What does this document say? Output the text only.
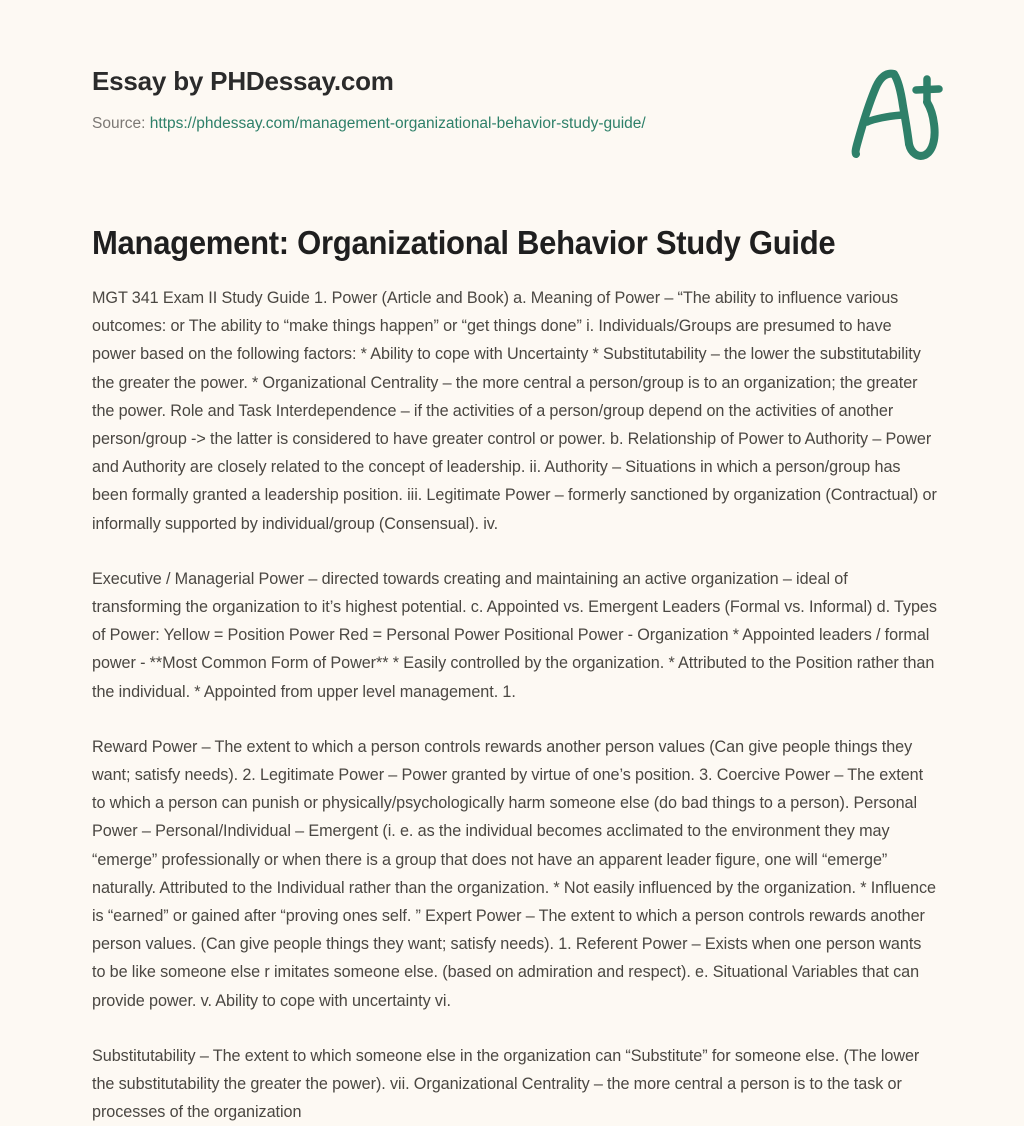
Essay by PHDessay.com
Source: https://phdessay.com/management-organizational-behavior-study-guide/
Management: Organizational Behavior Study Guide

MGT 341 Exam II Study Guide 1. Power (Article and Book) a. Meaning of Power – “The ability to influence various outcomes: or The ability to “make things happen” or “get things done” i. Individuals/Groups are presumed to have power based on the following factors: * Ability to cope with Uncertainty * Substitutability – the lower the substitutability the greater the power. * Organizational Centrality – the more central a person/group is to an organization; the greater the power. Role and Task Interdependence – if the activities of a person/group depend on the activities of another person/group -> the latter is considered to have greater control or power. b. Relationship of Power to Authority – Power and Authority are closely related to the concept of leadership. ii. Authority – Situations in which a person/group has been formally granted a leadership position. iii. Legitimate Power – formerly sanctioned by organization (Contractual) or informally supported by individual/group (Consensual). iv.

Executive / Managerial Power – directed towards creating and maintaining an active organization – ideal of transforming the organization to it’s highest potential. c. Appointed vs. Emergent Leaders (Formal vs. Informal) d. Types of Power: Yellow = Position Power Red = Personal Power Positional Power - Organization * Appointed leaders / formal power - **Most Common Form of Power** * Easily controlled by the organization. * Attributed to the Position rather than the individual. * Appointed from upper level management. 1.

Reward Power – The extent to which a person controls rewards another person values (Can give people things they want; satisfy needs). 2. Legitimate Power – Power granted by virtue of one’s position. 3. Coercive Power – The extent to which a person can punish or physically/psychologically harm someone else (do bad things to a person). Personal Power – Personal/Individual – Emergent (i. e. as the individual becomes acclimated to the environment they may “emerge” professionally or when there is a group that does not have an apparent leader figure, one will “emerge” naturally. Attributed to the Individual rather than the organization. * Not easily influenced by the organization. * Influence is “earned” or gained after “proving ones self. ” Expert Power – The extent to which a person controls rewards another person values. (Can give people things they want; satisfy needs). 1. Referent Power – Exists when one person wants to be like someone else r imitates someone else. (based on admiration and respect). e. Situational Variables that can provide power. v. Ability to cope with uncertainty vi.

Substitutability – The extent to which someone else in the organization can “Substitute” for someone else. (The lower the substitutability the greater the power). vii. Organizational Centrality – the more central a person is to the task or processes of the organization
